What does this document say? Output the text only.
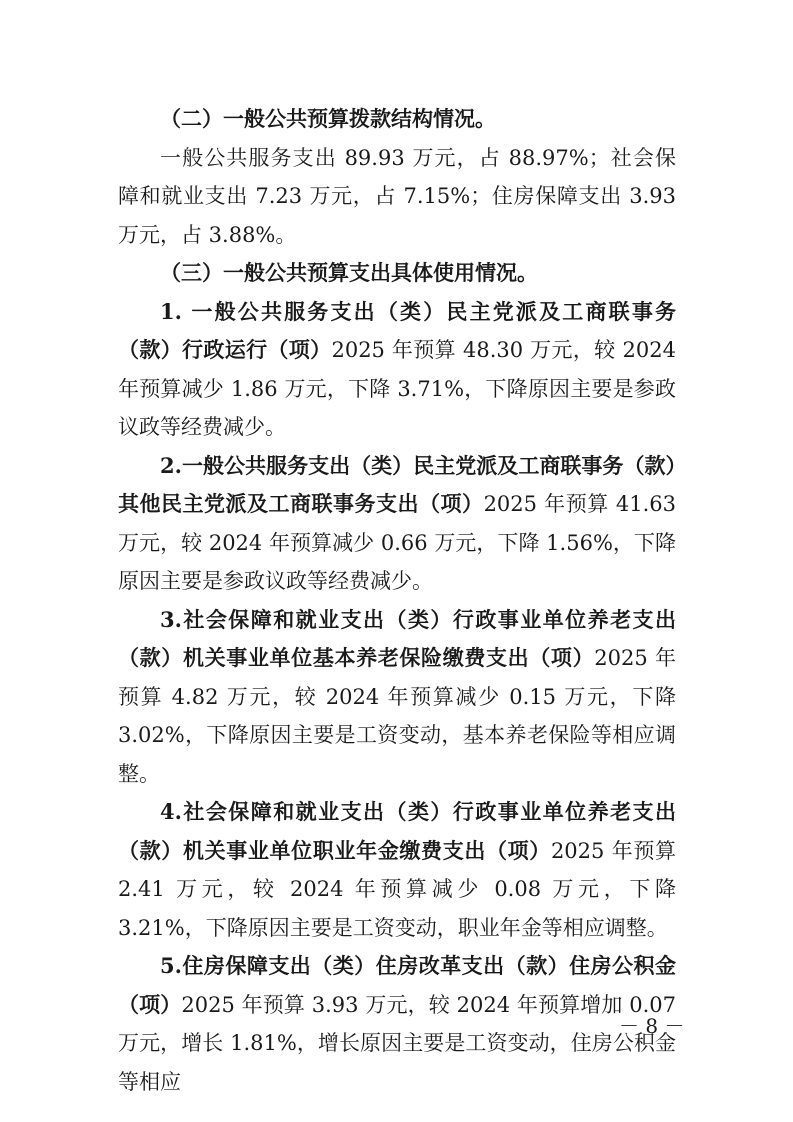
（二）一般公共预算拨款结构情况。

一般公共服务支出 89.93 万元，占 88.97%；社会保障和就业支出 7.23 万元，占 7.15%；住房保障支出 3.93 万元，占 3.88%。

（三）一般公共预算支出具体使用情况。

1. 一般公共服务支出（类）民主党派及工商联事务（款）行政运行（项）2025 年预算 48.30 万元，较 2024 年预算减少 1.86 万元，下降 3.71%，下降原因主要是参政议政等经费减少。

2.一般公共服务支出（类）民主党派及工商联事务（款）其他民主党派及工商联事务支出（项）2025 年预算 41.63 万元，较 2024 年预算减少 0.66 万元，下降 1.56%，下降原因主要是参政议政等经费减少。

3.社会保障和就业支出（类）行政事业单位养老支出（款）机关事业单位基本养老保险缴费支出（项）2025 年预算 4.82 万元，较 2024 年预算减少 0.15 万元，下降 3.02%，下降原因主要是工资变动，基本养老保险等相应调整。

4.社会保障和就业支出（类）行政事业单位养老支出（款）机关事业单位职业年金缴费支出（项）2025 年预算 2.41 万元，较 2024 年预算减少 0.08 万元，下降 3.21%，下降原因主要是工资变动，职业年金等相应调整。

5.住房保障支出（类）住房改革支出（款）住房公积金（项）2025 年预算 3.93 万元，较 2024 年预算增加 0.07 万元，增长 1.81%，增长原因主要是工资变动，住房公积金等相应

－ 8 －
